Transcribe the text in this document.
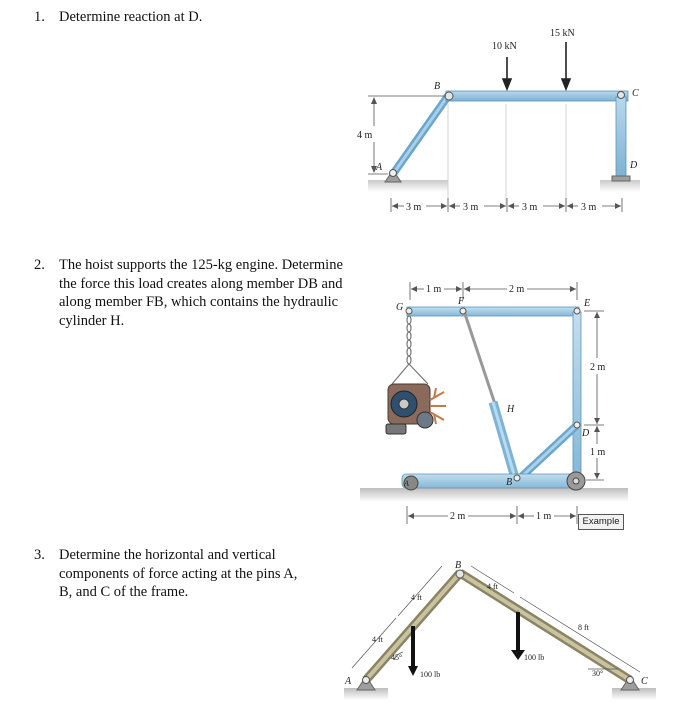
1. Determine reaction at D.
2. The hoist supports the 125-kg engine. Determine the force this load creates along member DB and along member FB, which contains the hydraulic cylinder H.
3. Determine the horizontal and vertical components of force acting at the pins A, B, and C of the frame.
10 kN
15 kN
4 m
3 m	3 m	3 m	3 m
A
B
C
D
1 m	2 m
2 m
1 m
2 m	1 m
G
F	E
H
D
B
A
Example
100 lb
100 lb
4 ft
4 ft
4 ft
8 ft
45°
30°
A
B
C
